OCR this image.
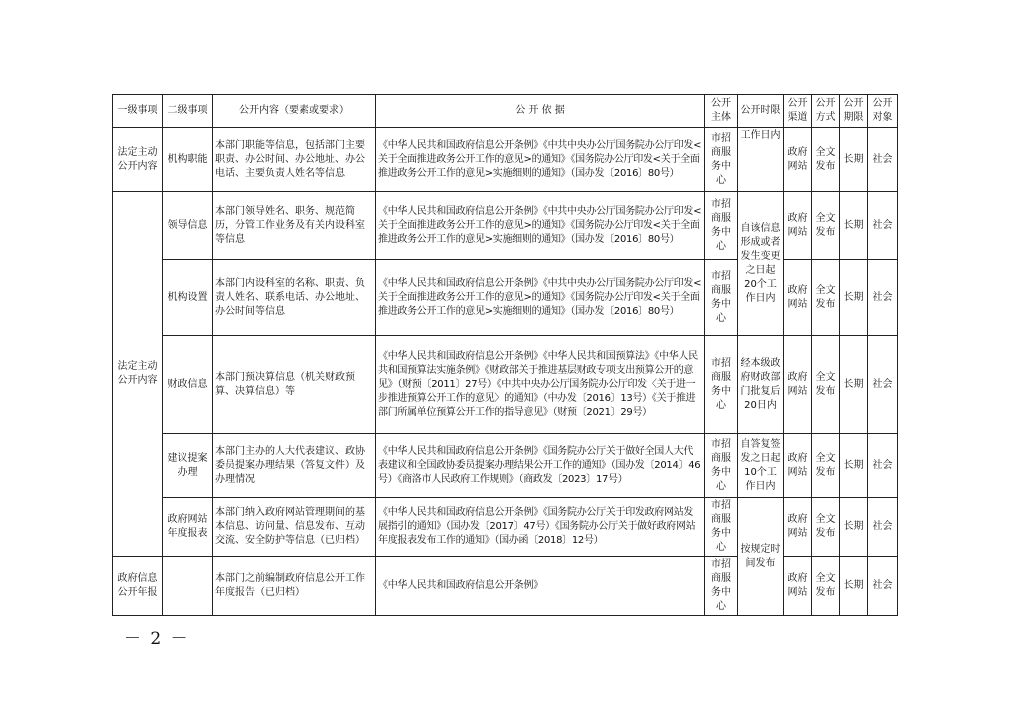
一级事项	二级事项	公开内容（要素或要求）	公 开 依 据	公开主体	公开时限	公开渠道	公开方式	公开期限	公开对象
法定主动公开内容	机构职能	本部门职能等信息，包括部门主要职责、办公时间、办公地址、办公电话、主要负责人姓名等信息	《中华人民共和国政府信息公开条例》《中共中央办公厅国务院办公厅印发<关于全面推进政务公开工作的意见>的通知》《国务院办公厅印发<关于全面推进政务公开工作的意见>实施细则的通知》（国办发〔2016〕80号）	市招商服务中心	工作日内	政府网站	全文发布	长期	社会
法定主动公开内容	领导信息	本部门领导姓名、职务、规范简历，分管工作业务及有关内设科室等信息	《中华人民共和国政府信息公开条例》《中共中央办公厅国务院办公厅印发<关于全面推进政务公开工作的意见>的通知》《国务院办公厅印发<关于全面推进政务公开工作的意见>实施细则的通知》（国办发〔2016〕80号）	市招商服务中心	自该信息形成或者发生变更之日起20个工作日内	政府网站	全文发布	长期	社会
	机构设置	本部门内设科室的名称、职责、负责人姓名、联系电话、办公地址、办公时间等信息	《中华人民共和国政府信息公开条例》《中共中央办公厅国务院办公厅印发<关于全面推进政务公开工作的意见>的通知》《国务院办公厅印发<关于全面推进政务公开工作的意见>实施细则的通知》（国办发〔2016〕80号）	市招商服务中心		政府网站	全文发布	长期	社会
	财政信息	本部门预决算信息（机关财政预算、决算信息）等	《中华人民共和国政府信息公开条例》《中华人民共和国预算法》《中华人民共和国预算法实施条例》《财政部关于推进基层财政专项支出预算公开的意见》（财预〔2011〕27号）《中共中央办公厅国务院办公厅印发〈关于进一步推进预算公开工作的意见〉的通知》（中办发〔2016〕13号）《关于推进部门所属单位预算公开工作的指导意见》（财预〔2021〕29号）	市招商服务中心	经本级政府财政部门批复后20日内	政府网站	全文发布	长期	社会
	建议提案办理	本部门主办的人大代表建议、政协委员提案办理结果（答复文件）及办理情况	《中华人民共和国政府信息公开条例》《国务院办公厅关于做好全国人大代表建议和全国政协委员提案办理结果公开工作的通知》（国办发〔2014〕46号）《商洛市人民政府工作规则》（商政发〔2023〕17号）	市招商服务中心	自答复签发之日起10个工作日内	政府网站	全文发布	长期	社会
	政府网站年度报表	本部门纳入政府网站管理期间的基本信息、访问量、信息发布、互动交流、安全防护等信息（已归档）	《中华人民共和国政府信息公开条例》《国务院办公厅关于印发政府网站发展指引的通知》（国办发〔2017〕47号）《国务院办公厅关于做好政府网站年度报表发布工作的通知》（国办函〔2018〕12号）	市招商服务中心	按规定时间发布	政府网站	全文发布	长期	社会
政府信息公开年报		本部门之前编制政府信息公开工作年度报告（已归档）	《中华人民共和国政府信息公开条例》	市招商服务中心		政府网站	全文发布	长期	社会
－ 2 －
